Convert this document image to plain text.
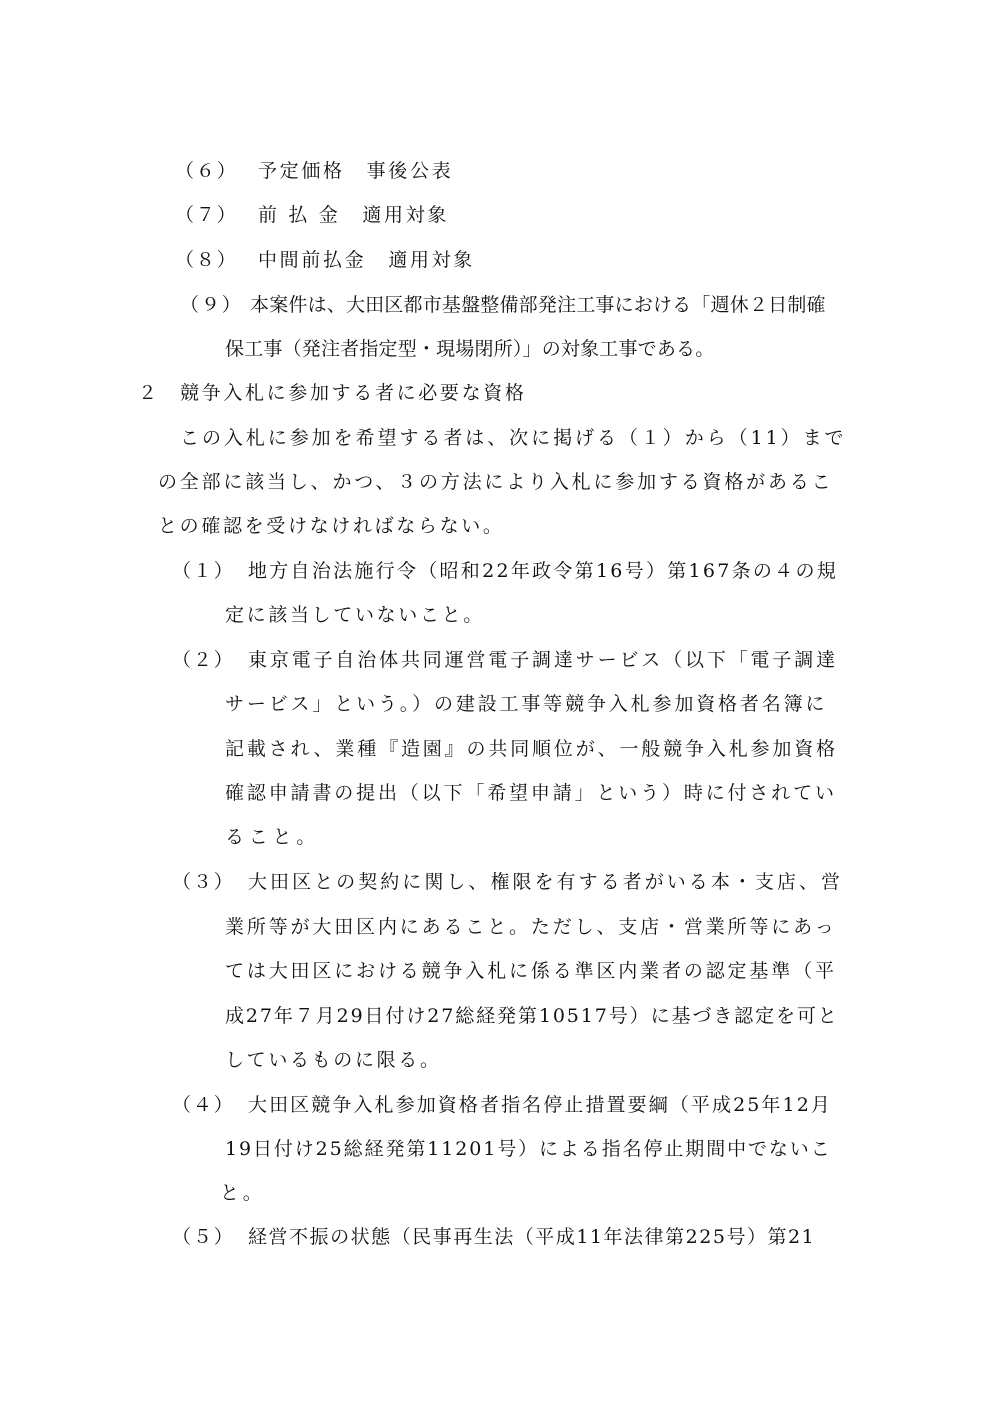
（６） 予定価格 事後公表
（７） 前 払 金 適用対象
（８） 中間前払金 適用対象
（９） 本案件は、大田区都市基盤整備部発注工事における「週休２日制確
保工事（発注者指定型・現場閉所）」の対象工事である。
２ 競争入札に参加する者に必要な資格
この入札に参加を希望する者は、次に掲げる（１）から（11）まで
の全部に該当し、かつ、３の方法により入札に参加する資格があるこ
との確認を受けなければならない。
（１） 地方自治法施行令（昭和22年政令第16号）第167条の４の規
定に該当していないこと。
（２） 東京電子自治体共同運営電子調達サービス（以下「電子調達
サービス」という。）の建設工事等競争入札参加資格者名簿に
記載され、業種『造園』の共同順位が、一般競争入札参加資格
確認申請書の提出（以下「希望申請」という）時に付されてい
ること。
（３） 大田区との契約に関し、権限を有する者がいる本・支店、営
業所等が大田区内にあること。ただし、支店・営業所等にあっ
ては大田区における競争入札に係る準区内業者の認定基準（平
成27年７月29日付け27総経発第10517号）に基づき認定を可と
しているものに限る。
（４） 大田区競争入札参加資格者指名停止措置要綱（平成25年12月
19日付け25総経発第11201号）による指名停止期間中でないこ
と。
（５） 経営不振の状態（民事再生法（平成11年法律第225号）第21
